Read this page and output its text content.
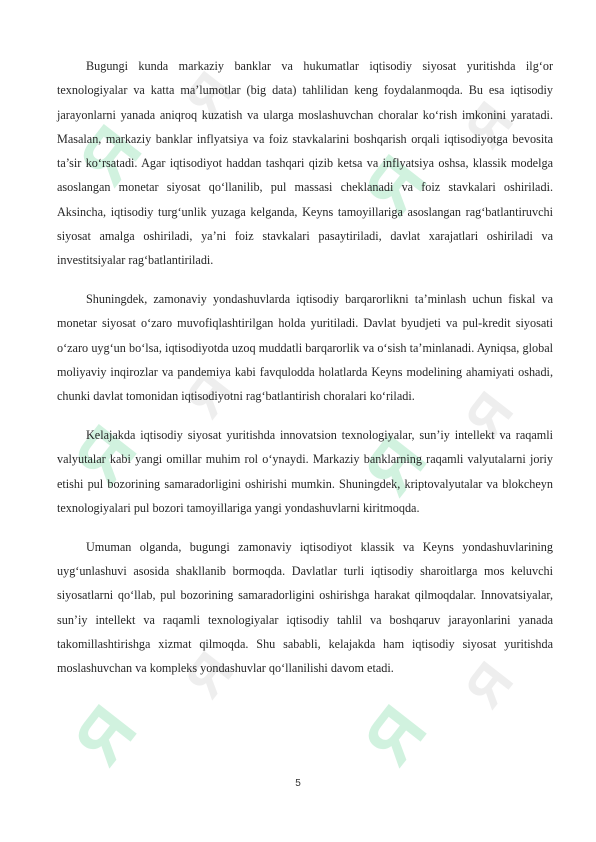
Я
Я
Я
Я
Я
Я
Я
Я
Я
Я
Я
Я

Bugungi kunda markaziy banklar va hukumatlar iqtisodiy siyosat yuritishda ilg‘or texnologiyalar va katta ma’lumotlar (big data) tahlilidan keng foydalanmoqda. Bu esa iqtisodiy jarayonlarni yanada aniqroq kuzatish va ularga moslashuvchan choralar ko‘rish imkonini yaratadi. Masalan, markaziy banklar inflyatsiya va foiz stavkalarini boshqarish orqali iqtisodiyotga bevosita ta’sir ko‘rsatadi. Agar iqtisodiyot haddan tashqari qizib ketsa va inflyatsiya oshsa, klassik modelga asoslangan monetar siyosat qo‘llanilib, pul massasi cheklanadi va foiz stavkalari oshiriladi. Aksincha, iqtisodiy turg‘unlik yuzaga kelganda, Keyns tamoyillariga asoslangan rag‘batlantiruvchi siyosat amalga oshiriladi, ya’ni foiz stavkalari pasaytiriladi, davlat xarajatlari oshiriladi va investitsiyalar rag‘batlantiriladi.

Shuningdek, zamonaviy yondashuvlarda iqtisodiy barqarorlikni ta’minlash uchun fiskal va monetar siyosat o‘zaro muvofiqlashtirilgan holda yuritiladi. Davlat byudjeti va pul-kredit siyosati o‘zaro uyg‘un bo‘lsa, iqtisodiyotda uzoq muddatli barqarorlik va o‘sish ta’minlanadi. Ayniqsa, global moliyaviy inqirozlar va pandemiya kabi favqulodda holatlarda Keyns modelining ahamiyati oshadi, chunki davlat tomonidan iqtisodiyotni rag‘batlantirish choralari ko‘riladi.

Kelajakda iqtisodiy siyosat yuritishda innovatsion texnologiyalar, sun’iy intellekt va raqamli valyutalar kabi yangi omillar muhim rol o‘ynaydi. Markaziy banklarning raqamli valyutalarni joriy etishi pul bozorining samaradorligini oshirishi mumkin. Shuningdek, kriptovalyutalar va blokcheyn texnologiyalari pul bozori tamoyillariga yangi yondashuvlarni kiritmoqda.

Umuman olganda, bugungi zamonaviy iqtisodiyot klassik va Keyns yondashuvlarining uyg‘unlashuvi asosida shakllanib bormoqda. Davlatlar turli iqtisodiy sharoitlarga mos keluvchi siyosatlarni qo‘llab, pul bozorining samaradorligini oshirishga harakat qilmoqdalar. Innovatsiyalar, sun’iy intellekt va raqamli texnologiyalar iqtisodiy tahlil va boshqaruv jarayonlarini yanada takomillashtirishga xizmat qilmoqda. Shu sababli, kelajakda ham iqtisodiy siyosat yuritishda moslashuvchan va kompleks yondashuvlar qo‘llanilishi davom etadi.

5
